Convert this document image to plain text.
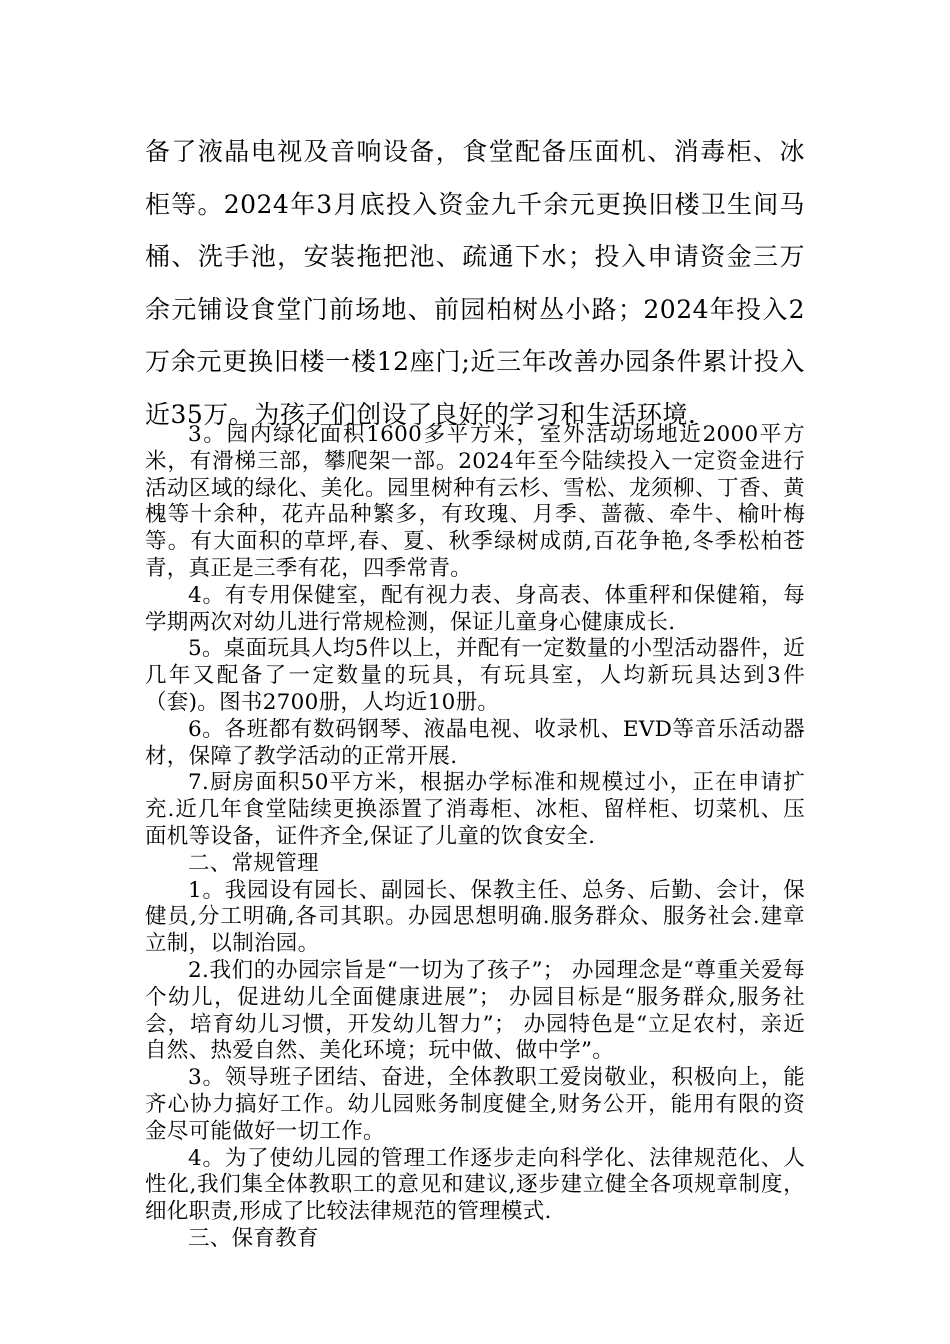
备了液晶电视及音响设备，食堂配备压面机、消毒柜、冰柜等。2024年3月底投入资金九千余元更换旧楼卫生间马桶、洗手池，安装拖把池、疏通下水；投入申请资金三万余元铺设食堂门前场地、前园柏树丛小路；2024年投入2万余元更换旧楼一楼12座门;近三年改善办园条件累计投入近35万。为孩子们创设了良好的学习和生活环境.

3。园内绿化面积1600多平方米，室外活动场地近2000平方米，有滑梯三部，攀爬架一部。2024年至今陆续投入一定资金进行活动区域的绿化、美化。园里树种有云杉、雪松、龙须柳、丁香、黄槐等十余种，花卉品种繁多，有玫瑰、月季、蔷薇、牵牛、榆叶梅等。有大面积的草坪,春、夏、秋季绿树成荫,百花争艳,冬季松柏苍青，真正是三季有花，四季常青。

4。有专用保健室，配有视力表、身高表、体重秤和保健箱，每学期两次对幼儿进行常规检测，保证儿童身心健康成长.

5。桌面玩具人均5件以上，并配有一定数量的小型活动器件，近几年又配备了一定数量的玩具，有玩具室，人均新玩具达到3件（套)。图书2700册，人均近10册。

6。各班都有数码钢琴、液晶电视、收录机、EVD等音乐活动器材，保障了教学活动的正常开展.

7.厨房面积50平方米，根据办学标准和规模过小，正在申请扩充.近几年食堂陆续更换添置了消毒柜、冰柜、留样柜、切菜机、压面机等设备，证件齐全,保证了儿童的饮食安全.

二、常规管理

1。我园设有园长、副园长、保教主任、总务、后勤、会计，保健员,分工明确,各司其职。办园思想明确.服务群众、服务社会.建章立制，以制治园。

2.我们的办园宗旨是“一切为了孩子”； 办园理念是“尊重关爱每个幼儿，促进幼儿全面健康进展”； 办园目标是“服务群众,服务社会，培育幼儿习惯，开发幼儿智力”； 办园特色是“立足农村，亲近自然、热爱自然、美化环境；玩中做、做中学”。

3。领导班子团结、奋进，全体教职工爱岗敬业，积极向上，能齐心协力搞好工作。幼儿园账务制度健全,财务公开，能用有限的资金尽可能做好一切工作。

4。为了使幼儿园的管理工作逐步走向科学化、法律规范化、人性化,我们集全体教职工的意见和建议,逐步建立健全各项规章制度，细化职责,形成了比较法律规范的管理模式.

三、保育教育
